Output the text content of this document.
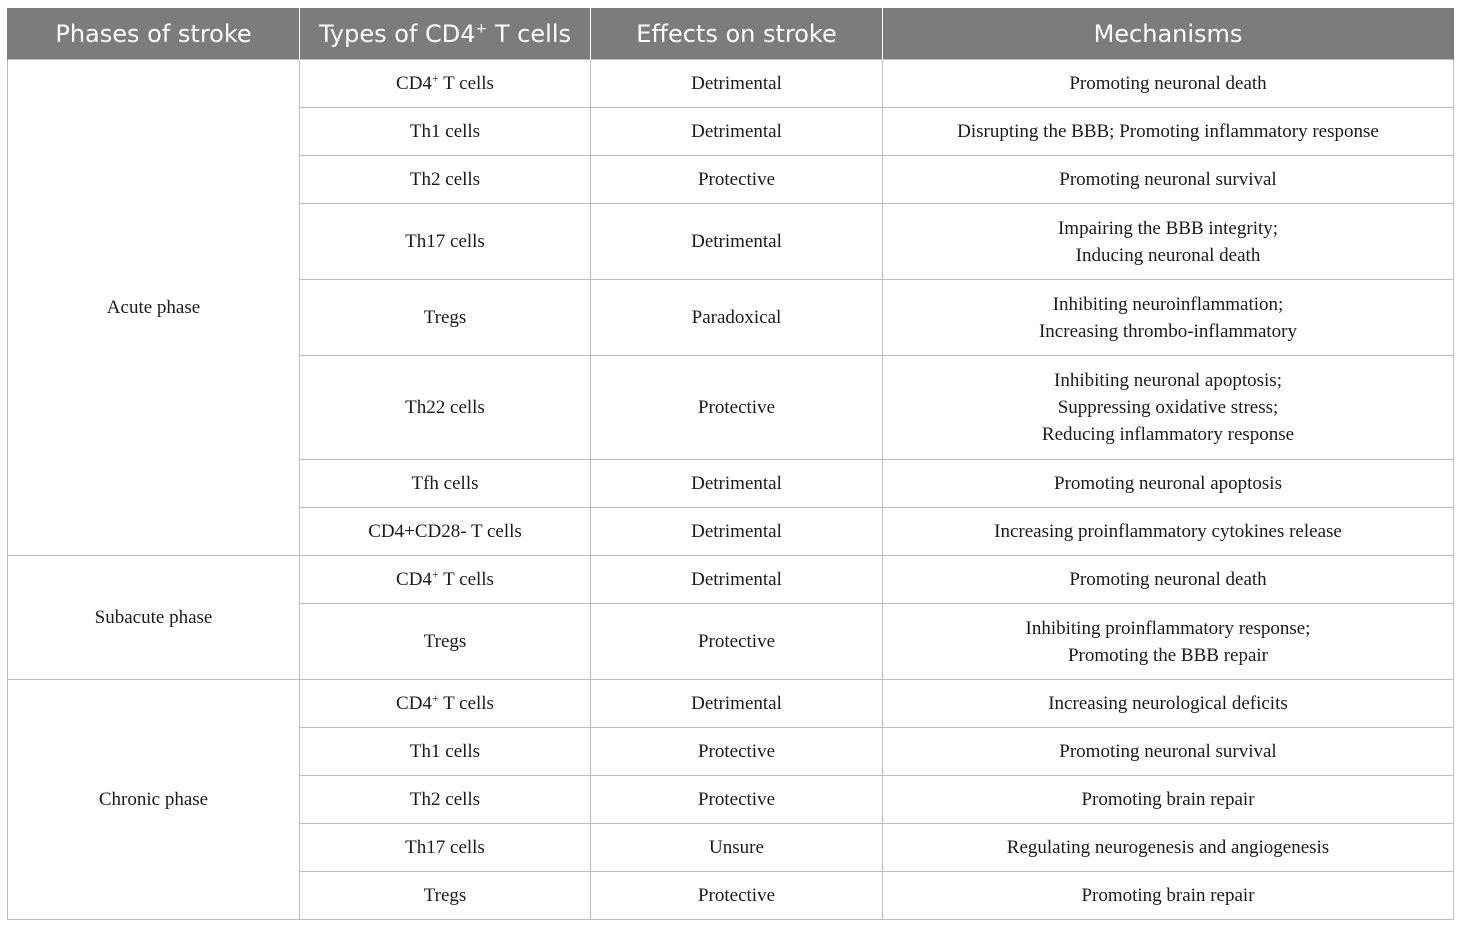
Phases of stroke	Types of CD4+ T cells	Effects on stroke	Mechanisms
Acute phase	CD4+ T cells	Detrimental	Promoting neuronal death

	Th1 cells	Detrimental	Disrupting the BBB; Promoting inflammatory response

	Th2 cells	Protective	Promoting neuronal survival

	Th17 cells	Detrimental	Impairing the BBB integrity;
Inducing neuronal death

	Tregs	Paradoxical	Inhibiting neuroinflammation;
Increasing thrombo-inflammatory

	Th22 cells	Protective	Inhibiting neuronal apoptosis;
Suppressing oxidative stress;
Reducing inflammatory response

	Tfh cells	Detrimental	Promoting neuronal apoptosis

	CD4+CD28- T cells	Detrimental	Increasing proinflammatory cytokines release

Subacute phase	CD4+ T cells	Detrimental	Promoting neuronal death

	Tregs	Protective	Inhibiting proinflammatory response;
Promoting the BBB repair

Chronic phase	CD4+ T cells	Detrimental	Increasing neurological deficits

	Th1 cells	Protective	Promoting neuronal survival

	Th2 cells	Protective	Promoting brain repair

	Th17 cells	Unsure	Regulating neurogenesis and angiogenesis

	Tregs	Protective	Promoting brain repair
